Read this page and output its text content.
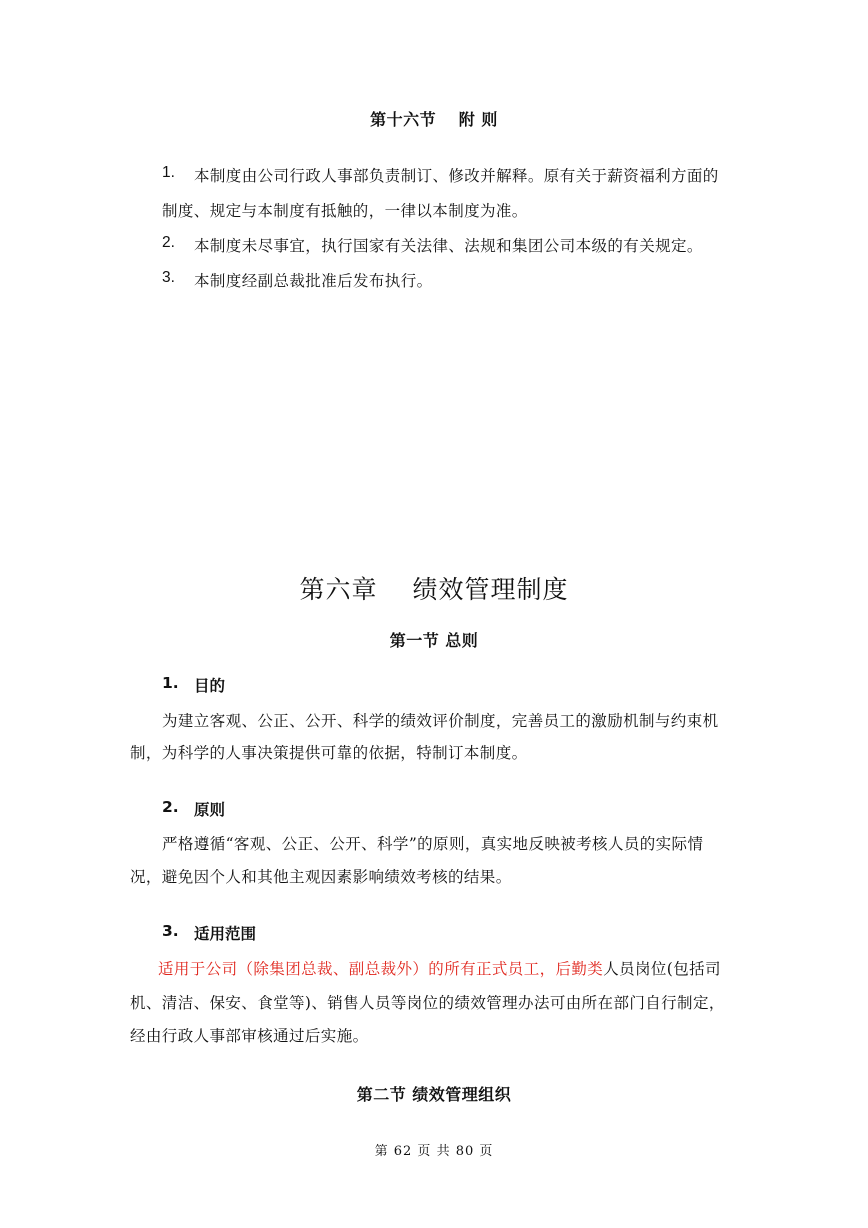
第十六节　 附 则
1. 本制度由公司行政人事部负责制订、修改并解释。原有关于薪资福利方面的
制度、规定与本制度有抵触的，一律以本制度为准。
2. 本制度未尽事宜，执行国家有关法律、法规和集团公司本级的有关规定。
3. 本制度经副总裁批准后发布执行。
第六章　 绩效管理制度
第一节 总则
1. 目的
为建立客观、公正、公开、科学的绩效评价制度，完善员工的激励机制与约束机
制，为科学的人事决策提供可靠的依据，特制订本制度。
2. 原则
严格遵循“客观、公正、公开、科学”的原则，真实地反映被考核人员的实际情
况，避免因个人和其他主观因素影响绩效考核的结果。
3. 适用范围
适用于公司（除集团总裁、副总裁外）的所有正式员工，后勤类人员岗位(包括司
机、清洁、保安、食堂等)、销售人员等岗位的绩效管理办法可由所在部门自行制定，
经由行政人事部审核通过后实施。
第二节 绩效管理组织
第 62 页 共 80 页
